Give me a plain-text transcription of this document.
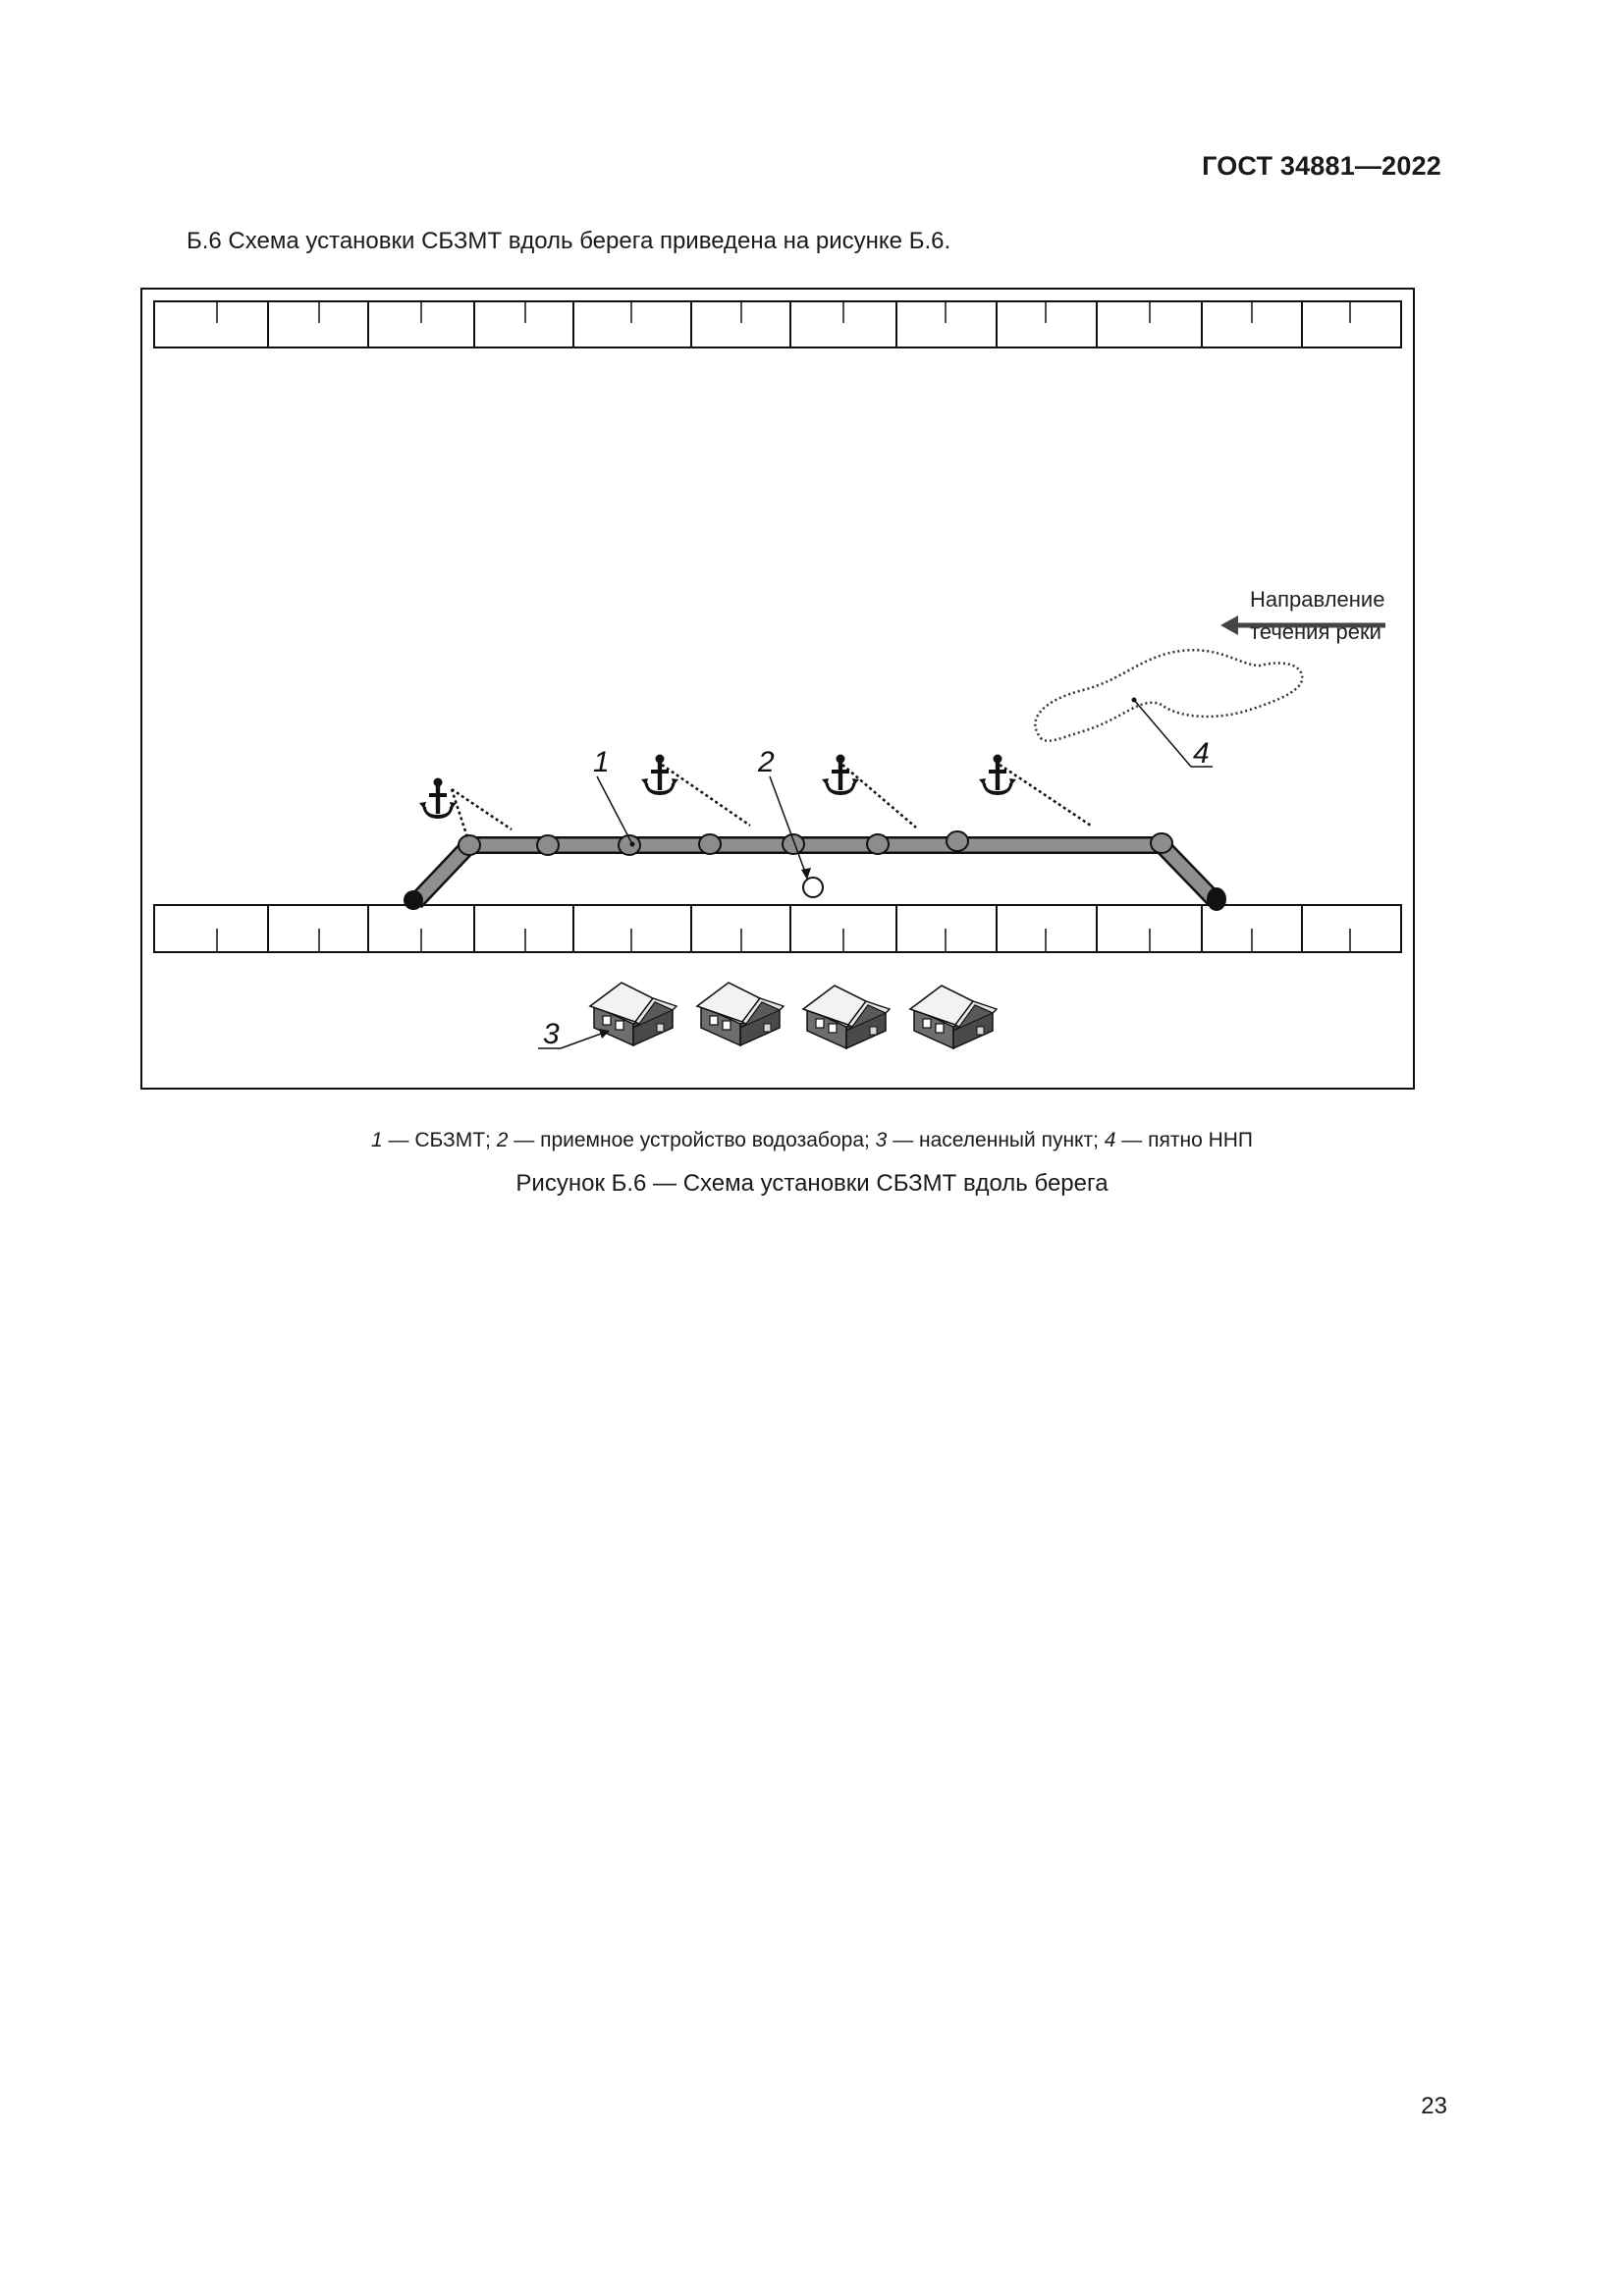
ГОСТ 34881—2022
Б.6 Схема установки СБЗМТ вдоль берега приведена на рисунке Б.6.
4
Направление
течения реки
1	2
3
1 — СБЗМТ; 2 — приемное устройство водозабора; 3 — населенный пункт; 4 — пятно ННП
Рисунок Б.6 — Схема установки СБЗМТ вдоль берега
23
